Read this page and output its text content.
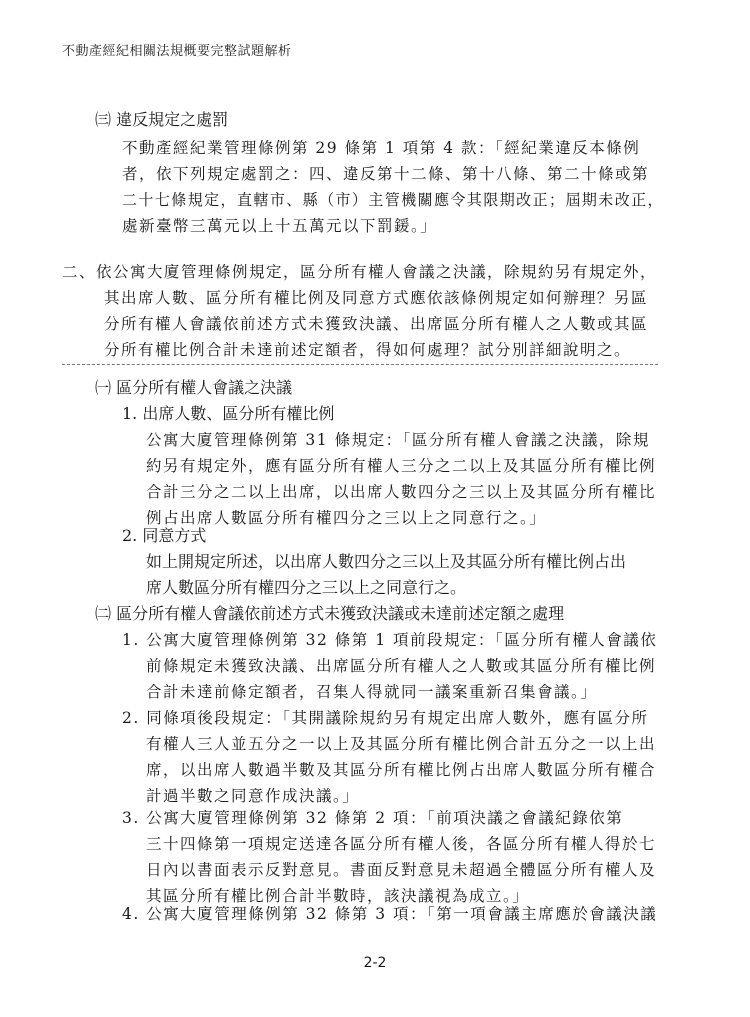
不動產經紀相關法規概要完整試題解析
㈢ 違反規定之處罰
不動產經紀業管理條例第 29 條第 1 項第 4 款：「經紀業違反本條例
者，依下列規定處罰之：四、違反第十二條、第十八條、第二十條或第
二十七條規定，直轄市、縣（市）主管機關應令其限期改正；屆期未改正，
處新臺幣三萬元以上十五萬元以下罰鍰。」
二、依公寓大廈管理條例規定，區分所有權人會議之決議，除規約另有規定外，
其出席人數、區分所有權比例及同意方式應依該條例規定如何辦理？另區
分所有權人會議依前述方式未獲致決議、出席區分所有權人之人數或其區
分所有權比例合計未達前述定額者，得如何處理？試分別詳細說明之。
㈠ 區分所有權人會議之決議
1. 出席人數、區分所有權比例
公寓大廈管理條例第 31 條規定：「區分所有權人會議之決議，除規
約另有規定外，應有區分所有權人三分之二以上及其區分所有權比例
合計三分之二以上出席，以出席人數四分之三以上及其區分所有權比
例占出席人數區分所有權四分之三以上之同意行之。」
2. 同意方式
如上開規定所述，以出席人數四分之三以上及其區分所有權比例占出
席人數區分所有權四分之三以上之同意行之。
㈡ 區分所有權人會議依前述方式未獲致決議或未達前述定額之處理
1. 公寓大廈管理條例第 32 條第 1 項前段規定：「區分所有權人會議依
前條規定未獲致決議、出席區分所有權人之人數或其區分所有權比例
合計未達前條定額者，召集人得就同一議案重新召集會議。」
2. 同條項後段規定：「其開議除規約另有規定出席人數外，應有區分所
有權人三人並五分之一以上及其區分所有權比例合計五分之一以上出
席，以出席人數過半數及其區分所有權比例占出席人數區分所有權合
計過半數之同意作成決議。」
3. 公寓大廈管理條例第 32 條第 2 項：「前項決議之會議紀錄依第
三十四條第一項規定送達各區分所有權人後，各區分所有權人得於七
日內以書面表示反對意見。書面反對意見未超過全體區分所有權人及
其區分所有權比例合計半數時，該決議視為成立。」
4. 公寓大廈管理條例第 32 條第 3 項：「第一項會議主席應於會議決議
2-2
